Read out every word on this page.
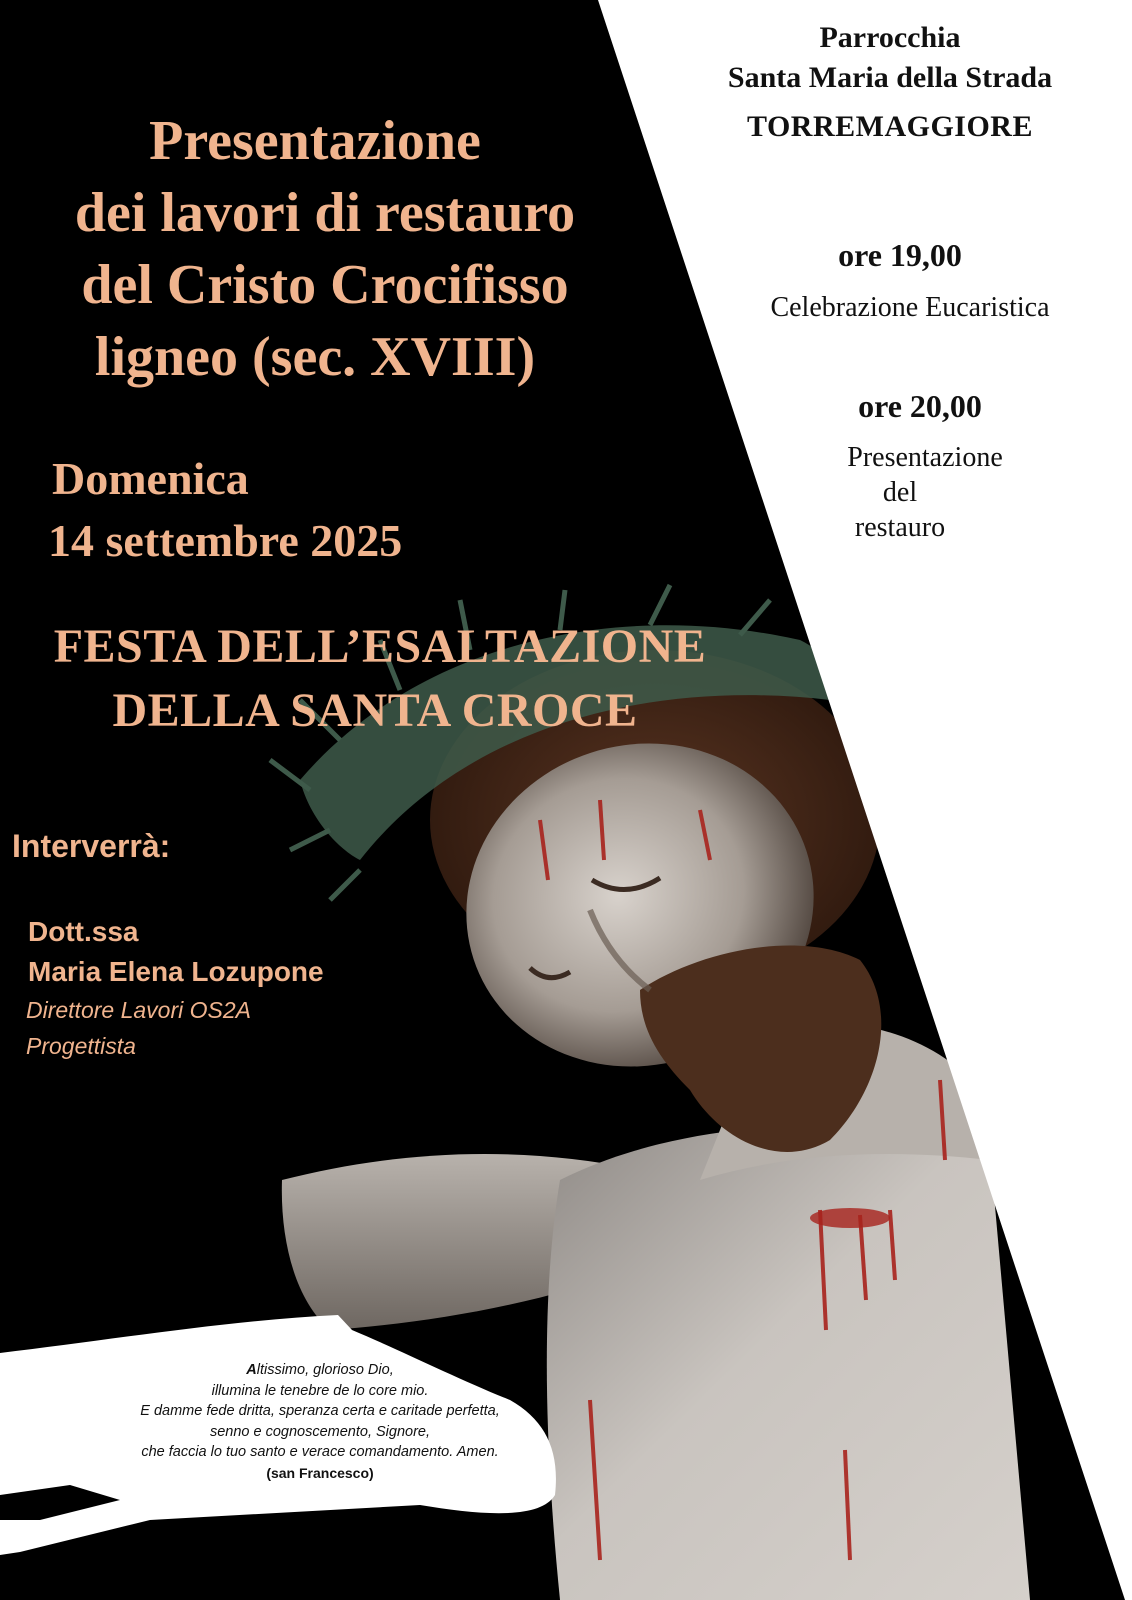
Presentazione
dei lavori di restauro
del Cristo Crocifisso
ligneo (sec. XVIII)
Domenica
14 settembre 2025
FESTA DELL’ESALTAZIONE
DELLA SANTA CROCE
Interverrà:
Dott.ssa
Maria Elena Lozupone
Direttore Lavori OS2A
Progettista
Parrocchia
Santa Maria della Strada
TORREMAGGIORE
ore 19,00
Celebrazione Eucaristica
ore 20,00
Presentazione
del
restauro
Altissimo, glorioso Dio,
illumina le tenebre de lo core mio.
E damme fede dritta, speranza certa e caritade perfetta,
senno e cognoscemento, Signore,
che faccia lo tuo santo e verace comandamento. Amen.
(san Francesco)
